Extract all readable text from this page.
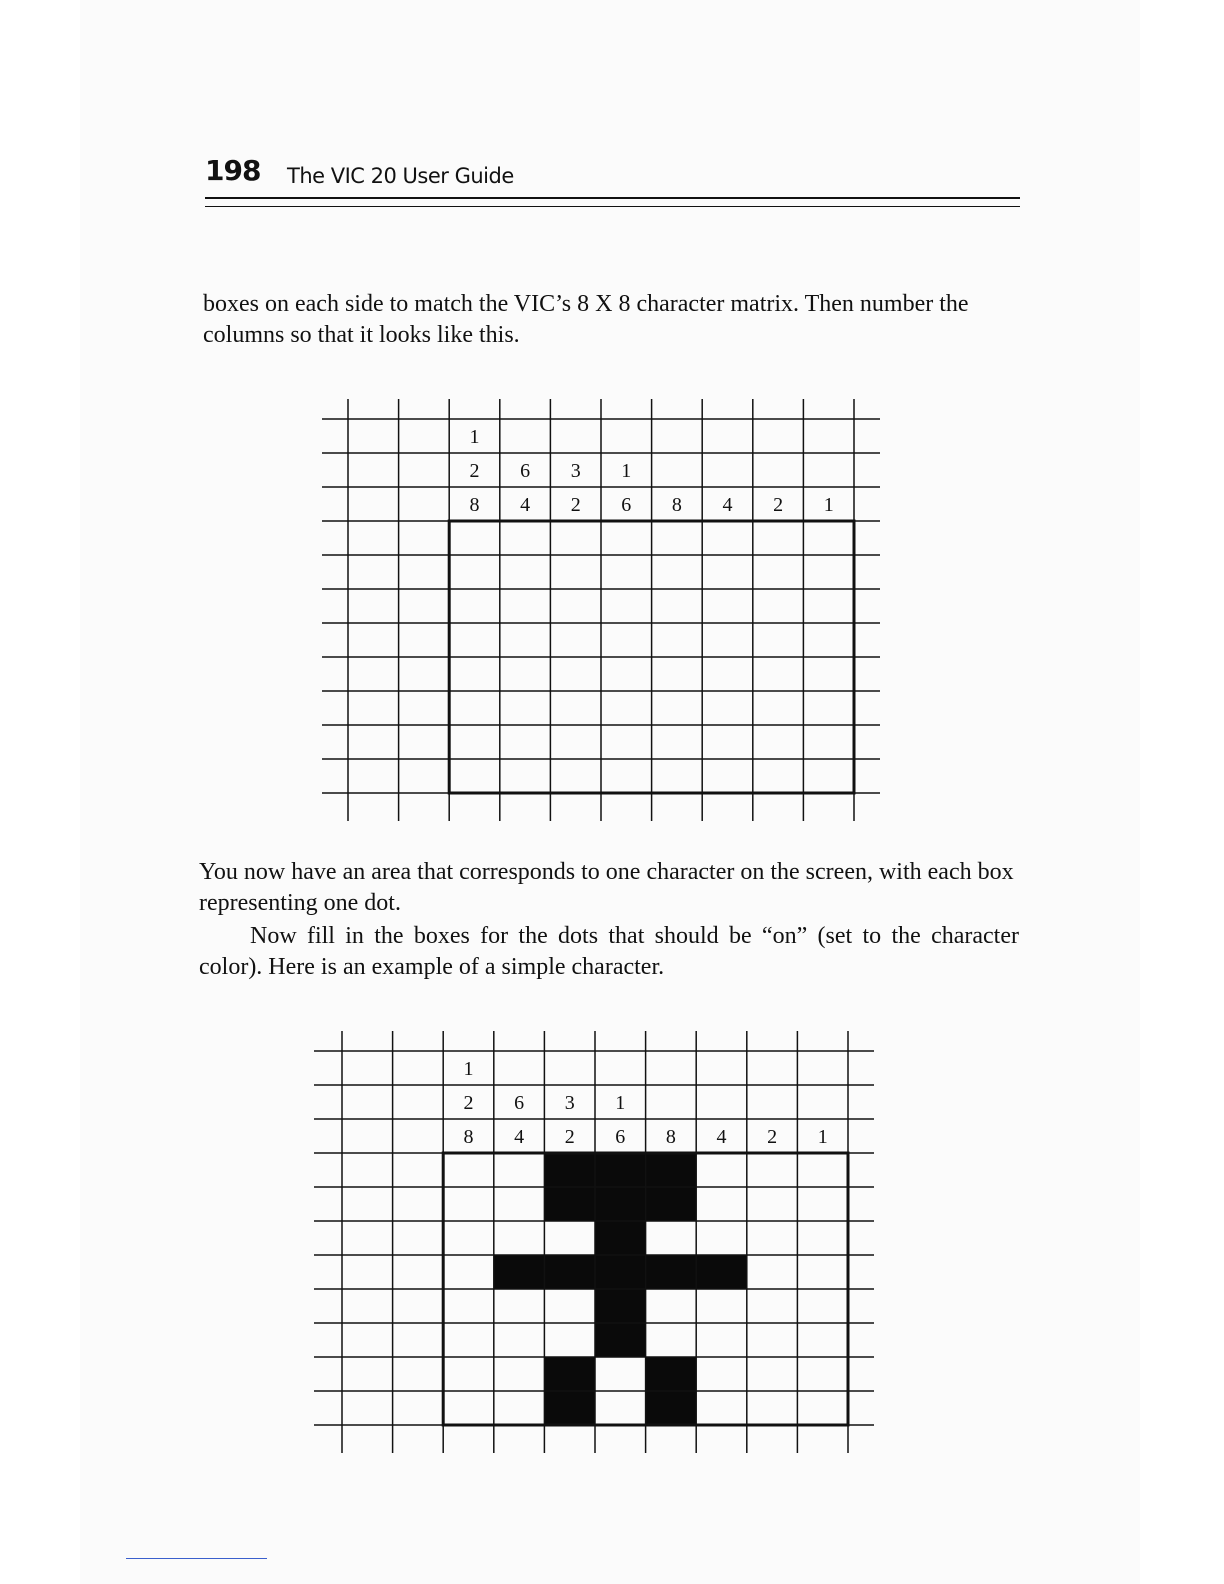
198 The VIC 20 User Guide

boxes on each side to match the VIC’s 8 X 8 character matrix. Then number the columns so that it looks like this.

1
2 6 3 1
8 4 2 6 8 4 2 1

You now have an area that corresponds to one character on the screen, with each box representing one dot.

Now fill in the boxes for the dots that should be “on” (set to the character color). Here is an example of a simple character.

1
2 6 3 1
8 4 2 6 8 4 2 1
